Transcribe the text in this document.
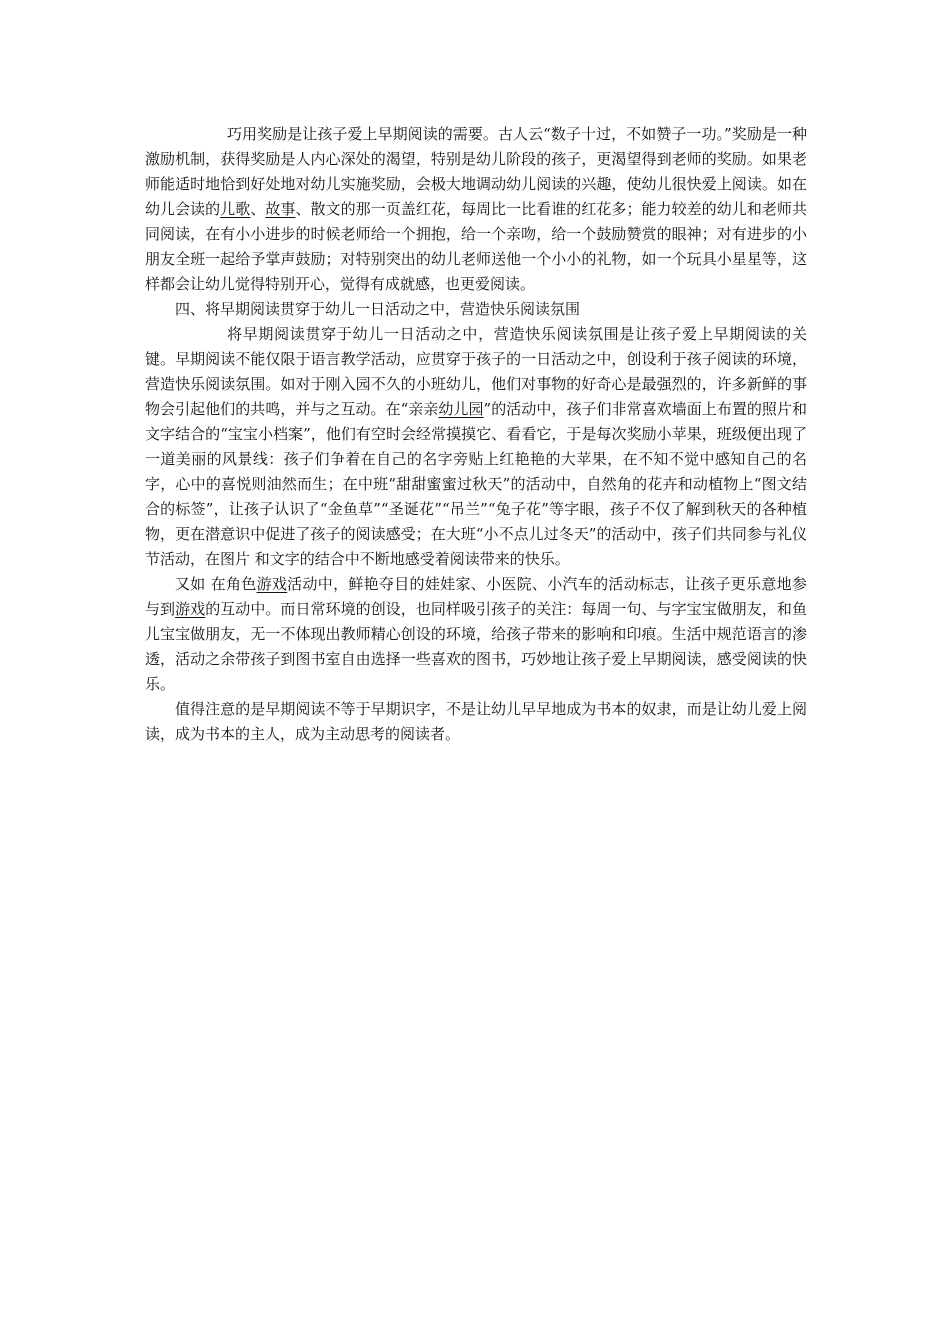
巧用奖励是让孩子爱上早期阅读的需要。古人云“数子十过，不如赞子一功。”奖励是一种激励机制，获得奖励是人内心深处的渴望，特别是幼儿阶段的孩子，更渴望得到老师的奖励。如果老师能适时地恰到好处地对幼儿实施奖励，会极大地调动幼儿阅读的兴趣，使幼儿很快爱上阅读。如在幼儿会读的儿歌、故事、散文的那一页盖红花，每周比一比看谁的红花多；能力较差的幼儿和老师共同阅读，在有小小进步的时候老师给一个拥抱，给一个亲吻，给一个鼓励赞赏的眼神；对有进步的小朋友全班一起给予掌声鼓励；对特别突出的幼儿老师送他一个小小的礼物，如一个玩具小星星等，这样都会让幼儿觉得特别开心，觉得有成就感，也更爱阅读。

四、将早期阅读贯穿于幼儿一日活动之中，营造快乐阅读氛围

将早期阅读贯穿于幼儿一日活动之中，营造快乐阅读氛围是让孩子爱上早期阅读的关键。早期阅读不能仅限于语言教学活动，应贯穿于孩子的一日活动之中，创设利于孩子阅读的环境，营造快乐阅读氛围。如对于刚入园不久的小班幼儿，他们对事物的好奇心是最强烈的，许多新鲜的事物会引起他们的共鸣，并与之互动。在“亲亲幼儿园”的活动中，孩子们非常喜欢墙面上布置的照片和文字结合的“宝宝小档案”，他们有空时会经常摸摸它、看看它，于是每次奖励小苹果，班级便出现了一道美丽的风景线：孩子们争着在自己的名字旁贴上红艳艳的大苹果，在不知不觉中感知自己的名字，心中的喜悦则油然而生；在中班“甜甜蜜蜜过秋天”的活动中，自然角的花卉和动植物上“图文结合的标签”，让孩子认识了“金鱼草”“圣诞花”“吊兰”“兔子花”等字眼，孩子不仅了解到秋天的各种植物，更在潜意识中促进了孩子的阅读感受；在大班“小不点儿过冬天”的活动中，孩子们共同参与礼仪节活动，在图片 和文字的结合中不断地感受着阅读带来的快乐。

又如 在角色游戏活动中，鲜艳夺目的娃娃家、小医院、小汽车的活动标志，让孩子更乐意地参与到游戏的互动中。而日常环境的创设，也同样吸引孩子的关注：每周一句、与字宝宝做朋友，和鱼儿宝宝做朋友，无一不体现出教师精心创设的环境，给孩子带来的影响和印痕。生活中规范语言的渗透，活动之余带孩子到图书室自由选择一些喜欢的图书，巧妙地让孩子爱上早期阅读，感受阅读的快乐。

值得注意的是早期阅读不等于早期识字，不是让幼儿早早地成为书本的奴隶，而是让幼儿爱上阅读，成为书本的主人，成为主动思考的阅读者。
